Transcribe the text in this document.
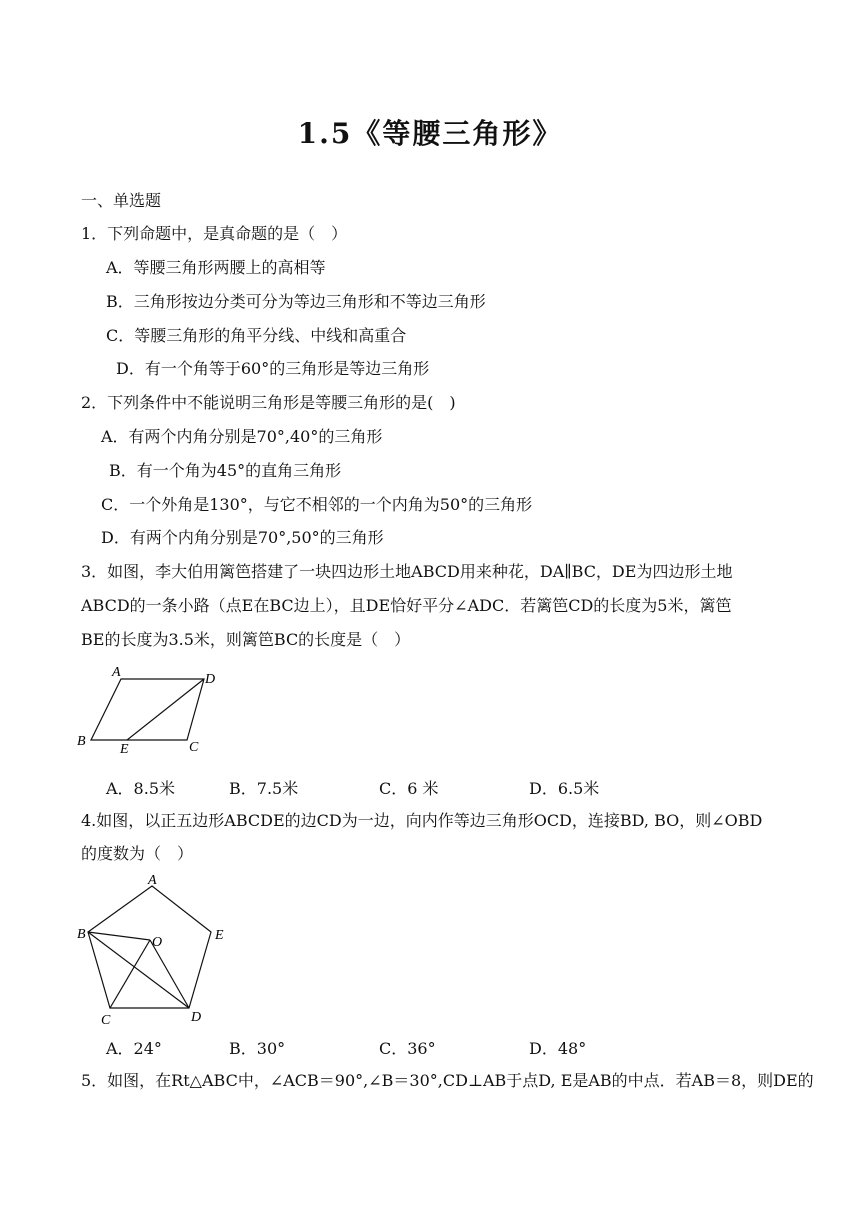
1.5《等腰三角形》
一、单选题
1．下列命题中，是真命题的是（　）
A．等腰三角形两腰上的高相等
B．三角形按边分类可分为等边三角形和不等边三角形
C．等腰三角形的角平分线、中线和高重合
D．有一个角等于60°的三角形是等边三角形
2．下列条件中不能说明三角形是等腰三角形的是(　)
A．有两个内角分别是70°,40°的三角形
B．有一个角为45°的直角三角形
C．一个外角是130°，与它不相邻的一个内角为50°的三角形
D．有两个内角分别是70°,50°的三角形
3．如图，李大伯用篱笆搭建了一块四边形土地ABCD用来种花，DA∥BC，DE为四边形土地
ABCD的一条小路（点E在BC边上），且DE恰好平分∠ADC．若篱笆CD的长度为5米，篱笆
BE的长度为3.5米，则篱笆BC的长度是（　）
A	D
B
E	C
A．8.5米	B．7.5米	C．6 米	D．6.5米
4.如图，以正五边形ABCDE的边CD为一边，向内作等边三角形OCD，连接BD, BO，则∠OBD
的度数为（　）
A
E
B
O
C	D
A．24°	B．30°	C．36°	D．48°
5．如图，在Rt△ABC中，∠ACB＝90°,∠B＝30°,CD⊥AB于点D, E是AB的中点．若AB＝8，则DE的
